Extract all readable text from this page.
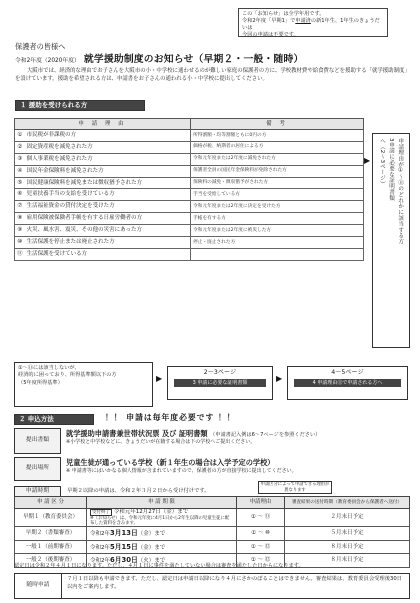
この「お知らせ」は全学年用です。
令和2年度「早期1」で申請済の新1年生、1年生のきょうだいは
今回の申請は不要です。
保護者の皆様へ
令和2年度（2020年度） 就学援助制度のお知らせ（早期２・一般・随時）
大阪市では、経済的な理由でお子さんを大阪市の小・中学校に通わせるのが難しい家庭の保護者の方に、学校教材費や給食費などを援助する「就学援助制度」を設けています。援助を希望される方は、申請書をお子さんの通われる小・中学校に提出してください。
１ 援助を受けられる方
申 請 理 由		備 考
①	市民税が非課税の方	所得割額・均等割額ともに0円の方
②	固定資産税を減免された方	価格が税、納期者の居住による方
③	個人事業税を減免された方	令和元年度または2年度に減免された方
④	国民年金保険料を減免された方	保護者全員の国民年金保険料が免除された方
⑤	国民健康保険料を減免または徴収猶予された方	保険料の減免・徴収猶予がされた方
⑥	児童扶養手当の支給を受けている方	手当を受給している方
⑦	生活福祉資金の貸付決定を受けた方	令和元年度または2年度に決定を受けた方
⑧	雇用保険被保険者手帳を有する日雇労働者の方	手帳を有する方
⑨	火災、風水害、震災、その他の災害にあった方	令和元年度または2年度に被災した方
⑩	生活保護を停止または廃止された方	停止・廃止された方
⑪	生活保護を受けている方	
▶	申請理由が①〜⑪のどれかに該当する方
3申請に必要な証明書類
へ（2〜3ページ）
①〜⑪には該当しないが、
経済的に困っており、所得基準額以下の方
（5年度所得基準）	▶
2〜3ページ
3 申請に必要な証明書類	▶
4〜5ページ
4 申請理由⑫で申請される方へ
２ 申込方法	！！ 申請は毎年度必要です ！！
提出書類
就学援助申請書兼世帯状況票 及び 証明書類 （申請書記入例は6〜7ページを参照ください）
※小学校と中学校などに、きょうだいが在籍する場合は下の学校へご提出ください。
提出場所
児童生徒が通っている学校（新１年生の場合は入学予定の学校）
※ 申請書等にはいかなる個人情報が含まれていますので、保護者の方が直接学校に提出してください。
申請時期	早期２以降の申請は、令和２年３月２日から受け付けです。
申請区分によって申請できる理由が異なります
申 請 区 分	申 請 期 限	申請理由	審査結果の送付時期（教育委員会から保護者へ送付）
早期１（教育委員会）	受付終了 令和元年12月27日（金）まで
※（お知らせ）は、令和元年度に4月1日から2年生以降の児童生徒に配布した資料を含みます。	① 〜 ⑪	２月末日予定
早期２（書類審査）	令和2年3月13日（金）まで	① 〜 ⑩	５月末日予定
一般１（前期審査）	令和2年5月15日（金）まで	① 〜 ⑫	８月末日予定
一般２（後期審査）	令和2年6月30日（火）まで	① 〜 ⑫	８月末日予定
認定日は令和２年４月１日になります。ただし、４月１日に事件を満たしていない場合は審査を満たした日からになります。
随時申請
７月１日以降も申請できます。ただし、認定日は申請日以降になり４月にさかのぼることはできません。審査結果は、教育委員会受理後30日以内をご案内します。
